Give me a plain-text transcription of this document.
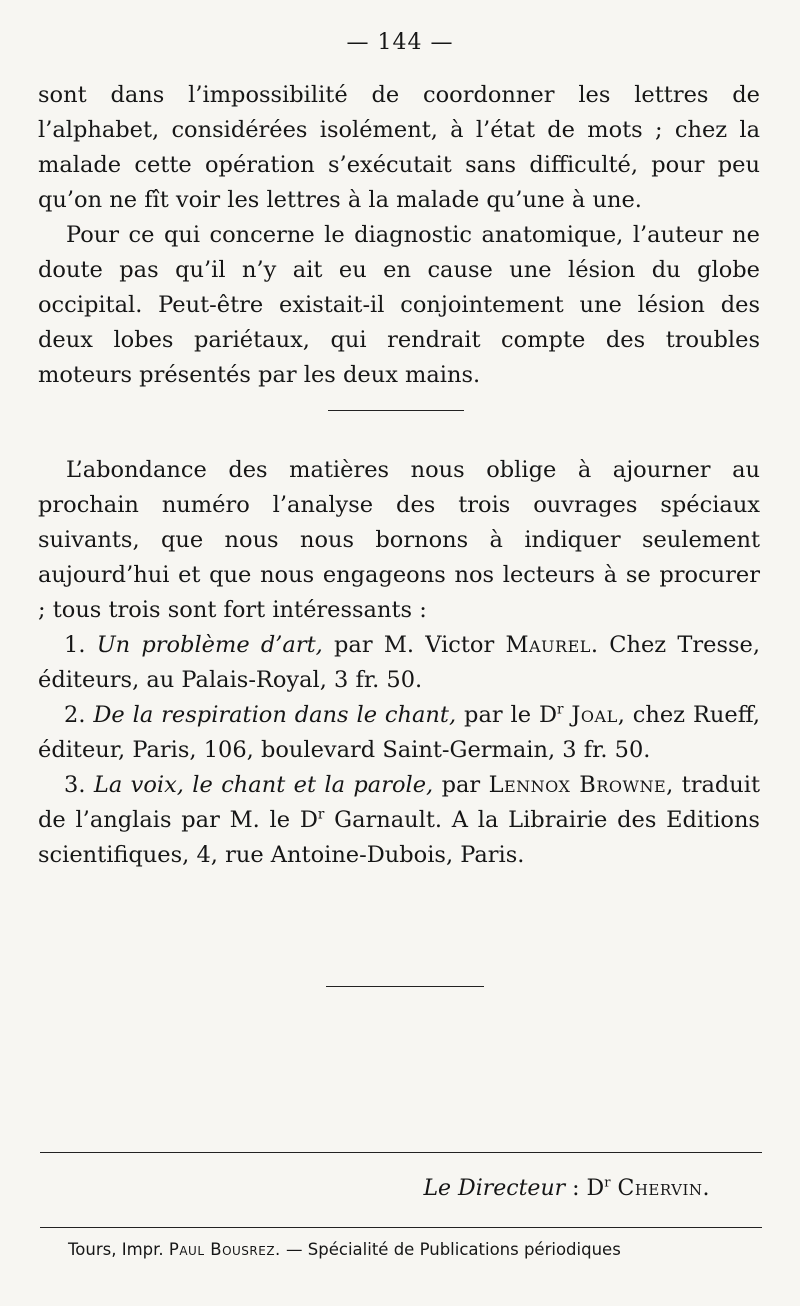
— 144 —

sont dans l’impossibilité de coordonner les lettres de l’alphabet, considérées isolément, à l’état de mots ; chez la malade cette opération s’exécutait sans difficulté, pour peu qu’on ne fît voir les lettres à la malade qu’une à une.

Pour ce qui concerne le diagnostic anatomique, l’auteur ne doute pas qu’il n’y ait eu en cause une lésion du globe occipital. Peut-être existait-il conjointement une lésion des deux lobes pariétaux, qui rendrait compte des troubles moteurs présentés par les deux mains.

L’abondance des matières nous oblige à ajourner au prochain numéro l’analyse des trois ouvrages spéciaux suivants, que nous nous bornons à indiquer seulement aujourd’hui et que nous engageons nos lecteurs à se procurer ; tous trois sont fort intéressants :

1. Un problème d’art, par M. Victor Maurel. Chez Tresse, éditeurs, au Palais-Royal, 3 fr. 50.

2. De la respiration dans le chant, par le $D^r$ Joal, chez Rueff, éditeur, Paris, 106, boulevard Saint-Germain, 3 fr. 50.

3. La voix, le chant et la parole, par Lennox Browne, traduit de l’anglais par M. le $D^r$ Garnault. A la Librairie des Editions scientifiques, 4, rue Antoine-Dubois, Paris.

Le Directeur : $D^r$ Chervin.
Tours, Impr. Paul Bousrez. — Spécialité de Publications périodiques
